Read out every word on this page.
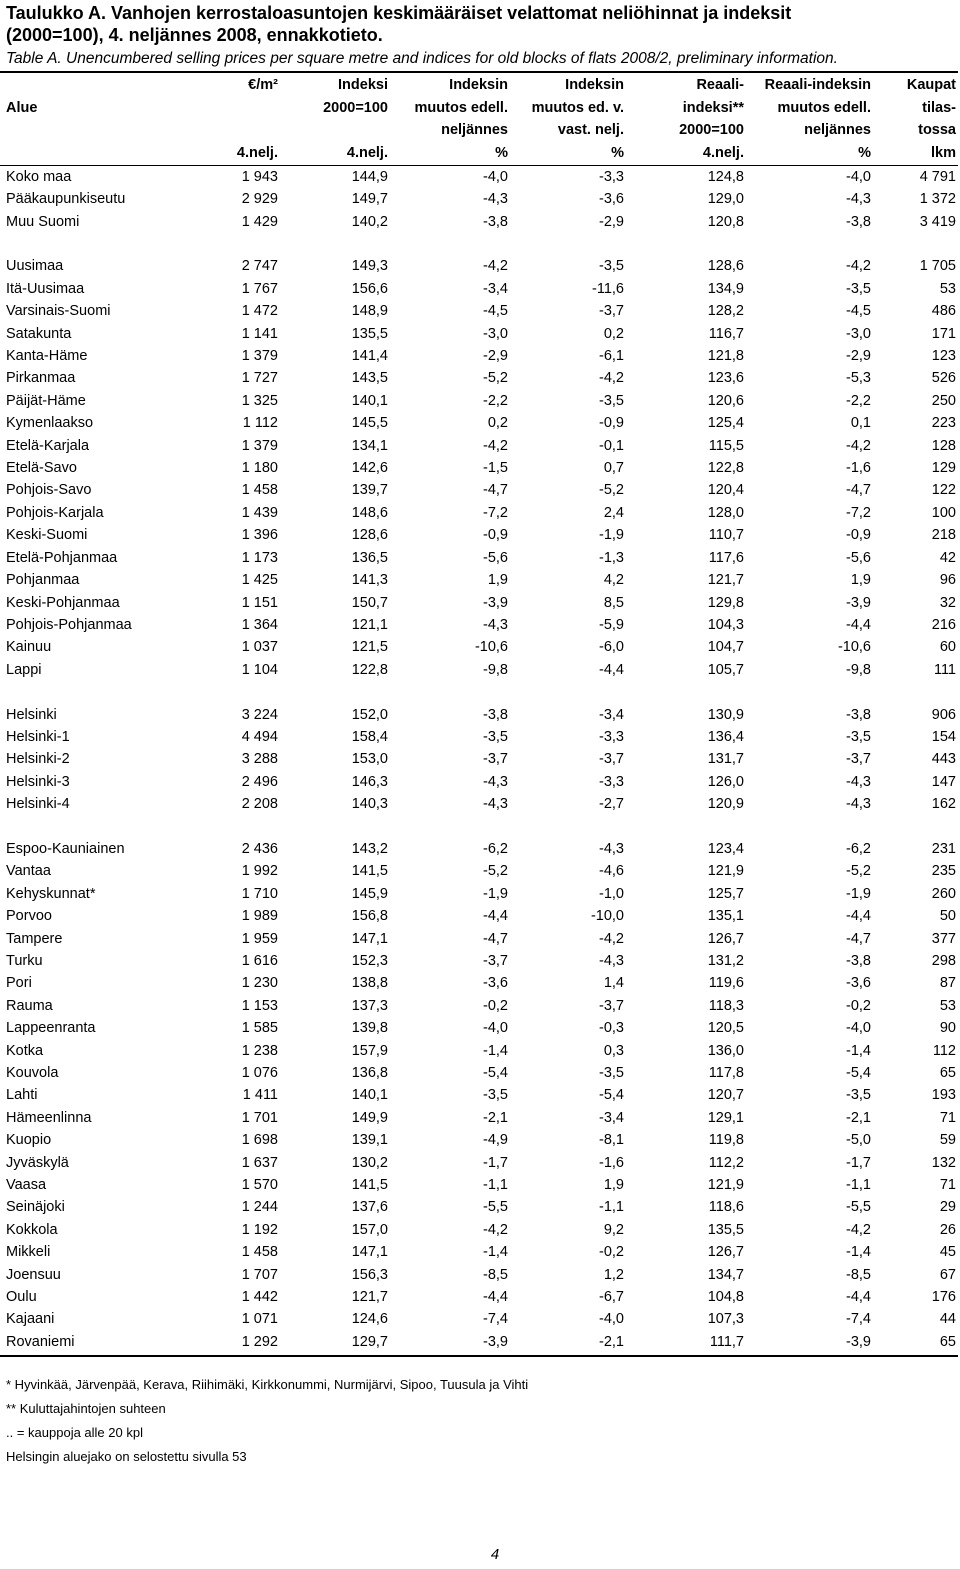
Taulukko A. Vanhojen kerrostaloasuntojen keskimääräiset velattomat neliöhinnat ja indeksit
(2000=100), 4. neljännes 2008, ennakkotieto.
Table A. Unencumbered selling prices per square metre and indices for old blocks of flats 2008/2, preliminary information.
Alue	€/m²	Indeksi	Indeksin	Indeksin	Reaali-	Reaali-indeksin	Kaupat
		2000=100	muutos edell.	muutos ed. v.	indeksi**	muutos edell.	tilas-
			neljännes	vast. nelj.	2000=100	neljännes	tossa
	4.nelj.	4.nelj.	%	%	4.nelj.	%	lkm
Koko maa	1 943	144,9	-4,0	-3,3	124,8	-4,0	4 791
Pääkaupunkiseutu	2 929	149,7	-4,3	-3,6	129,0	-4,3	1 372
Muu Suomi	1 429	140,2	-3,8	-2,9	120,8	-3,8	3 419

Uusimaa	2 747	149,3	-4,2	-3,5	128,6	-4,2	1 705
Itä-Uusimaa	1 767	156,6	-3,4	-11,6	134,9	-3,5	53
Varsinais-Suomi	1 472	148,9	-4,5	-3,7	128,2	-4,5	486
Satakunta	1 141	135,5	-3,0	0,2	116,7	-3,0	171
Kanta-Häme	1 379	141,4	-2,9	-6,1	121,8	-2,9	123
Pirkanmaa	1 727	143,5	-5,2	-4,2	123,6	-5,3	526
Päijät-Häme	1 325	140,1	-2,2	-3,5	120,6	-2,2	250
Kymenlaakso	1 112	145,5	0,2	-0,9	125,4	0,1	223
Etelä-Karjala	1 379	134,1	-4,2	-0,1	115,5	-4,2	128
Etelä-Savo	1 180	142,6	-1,5	0,7	122,8	-1,6	129
Pohjois-Savo	1 458	139,7	-4,7	-5,2	120,4	-4,7	122
Pohjois-Karjala	1 439	148,6	-7,2	2,4	128,0	-7,2	100
Keski-Suomi	1 396	128,6	-0,9	-1,9	110,7	-0,9	218
Etelä-Pohjanmaa	1 173	136,5	-5,6	-1,3	117,6	-5,6	42
Pohjanmaa	1 425	141,3	1,9	4,2	121,7	1,9	96
Keski-Pohjanmaa	1 151	150,7	-3,9	8,5	129,8	-3,9	32
Pohjois-Pohjanmaa	1 364	121,1	-4,3	-5,9	104,3	-4,4	216
Kainuu	1 037	121,5	-10,6	-6,0	104,7	-10,6	60
Lappi	1 104	122,8	-9,8	-4,4	105,7	-9,8	111

Helsinki	3 224	152,0	-3,8	-3,4	130,9	-3,8	906
Helsinki-1	4 494	158,4	-3,5	-3,3	136,4	-3,5	154
Helsinki-2	3 288	153,0	-3,7	-3,7	131,7	-3,7	443
Helsinki-3	2 496	146,3	-4,3	-3,3	126,0	-4,3	147
Helsinki-4	2 208	140,3	-4,3	-2,7	120,9	-4,3	162

Espoo-Kauniainen	2 436	143,2	-6,2	-4,3	123,4	-6,2	231
Vantaa	1 992	141,5	-5,2	-4,6	121,9	-5,2	235
Kehyskunnat*	1 710	145,9	-1,9	-1,0	125,7	-1,9	260
Porvoo	1 989	156,8	-4,4	-10,0	135,1	-4,4	50
Tampere	1 959	147,1	-4,7	-4,2	126,7	-4,7	377
Turku	1 616	152,3	-3,7	-4,3	131,2	-3,8	298
Pori	1 230	138,8	-3,6	1,4	119,6	-3,6	87
Rauma	1 153	137,3	-0,2	-3,7	118,3	-0,2	53
Lappeenranta	1 585	139,8	-4,0	-0,3	120,5	-4,0	90
Kotka	1 238	157,9	-1,4	0,3	136,0	-1,4	112
Kouvola	1 076	136,8	-5,4	-3,5	117,8	-5,4	65
Lahti	1 411	140,1	-3,5	-5,4	120,7	-3,5	193
Hämeenlinna	1 701	149,9	-2,1	-3,4	129,1	-2,1	71
Kuopio	1 698	139,1	-4,9	-8,1	119,8	-5,0	59
Jyväskylä	1 637	130,2	-1,7	-1,6	112,2	-1,7	132
Vaasa	1 570	141,5	-1,1	1,9	121,9	-1,1	71
Seinäjoki	1 244	137,6	-5,5	-1,1	118,6	-5,5	29
Kokkola	1 192	157,0	-4,2	9,2	135,5	-4,2	26
Mikkeli	1 458	147,1	-1,4	-0,2	126,7	-1,4	45
Joensuu	1 707	156,3	-8,5	1,2	134,7	-8,5	67
Oulu	1 442	121,7	-4,4	-6,7	104,8	-4,4	176
Kajaani	1 071	124,6	-7,4	-4,0	107,3	-7,4	44
Rovaniemi	1 292	129,7	-3,9	-2,1	111,7	-3,9	65
* Hyvinkää, Järvenpää, Kerava, Riihimäki, Kirkkonummi, Nurmijärvi, Sipoo, Tuusula ja Vihti
** Kuluttajahintojen suhteen
.. = kauppoja alle 20 kpl
Helsingin aluejako on selostettu sivulla 53
4
